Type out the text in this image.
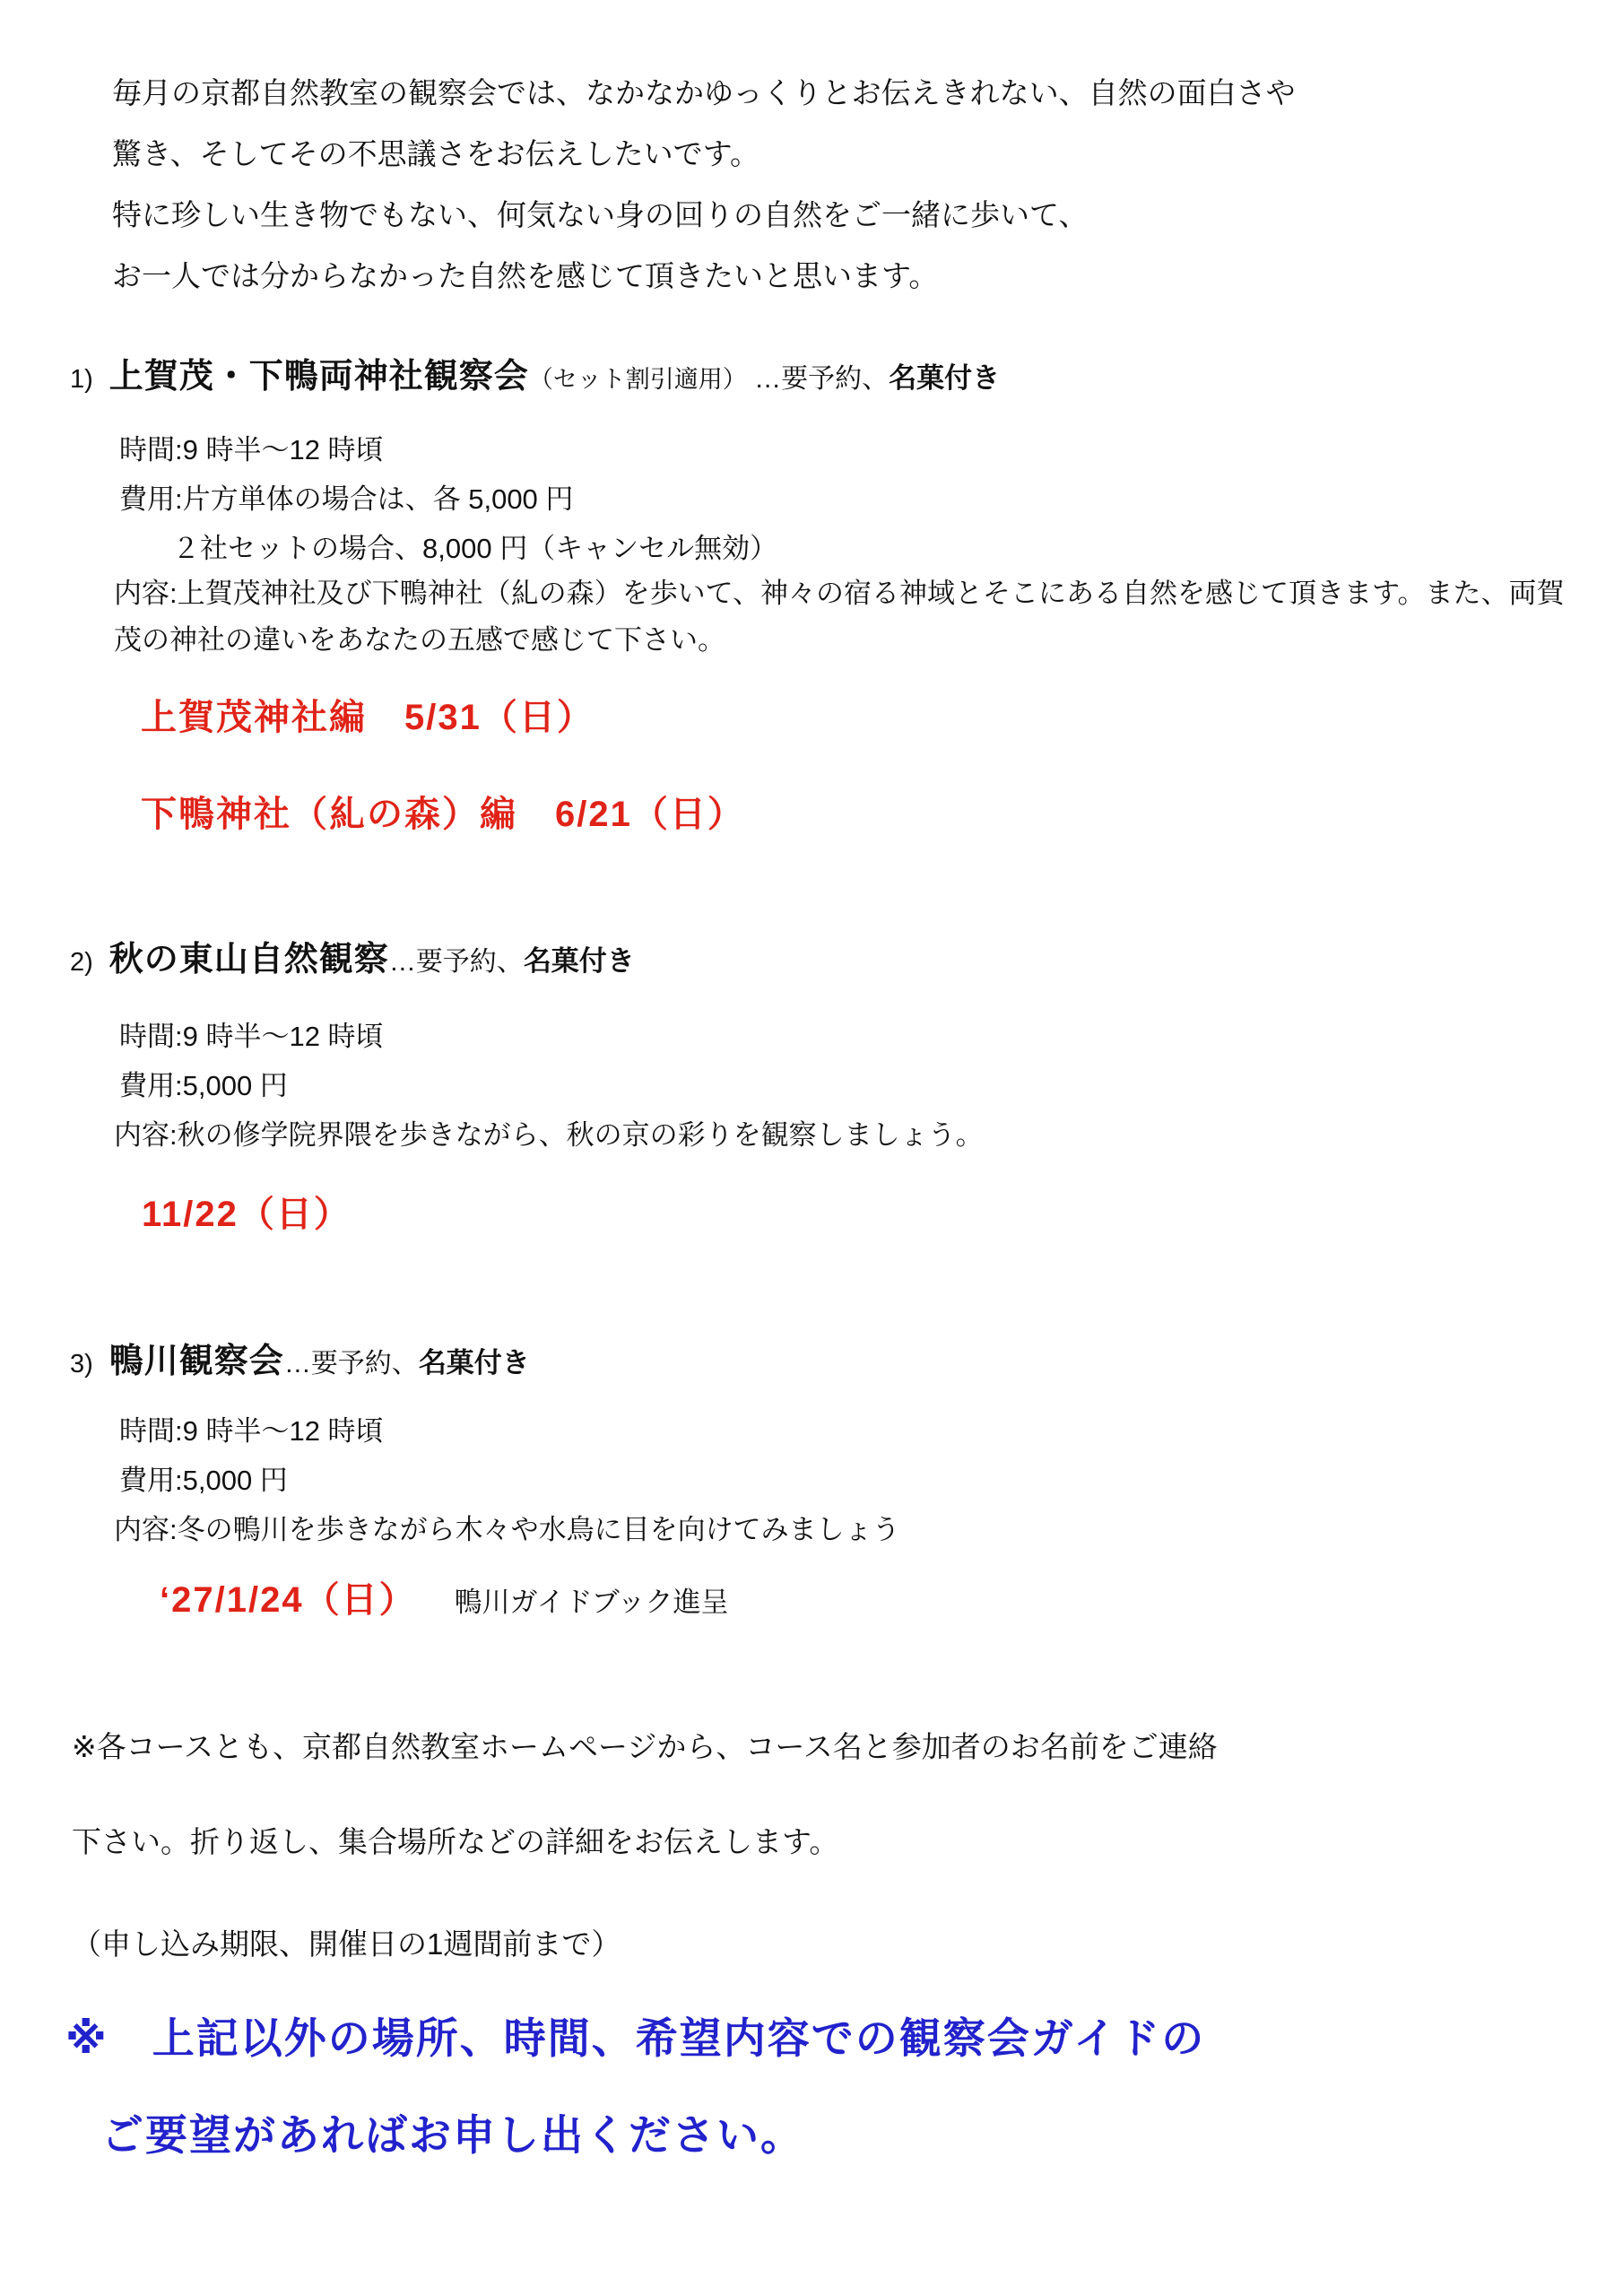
毎月の京都自然教室の観察会では、なかなかゆっくりとお伝えきれない、自然の面白さや
驚き、そしてその不思議さをお伝えしたいです。
特に珍しい生き物でもない、何気ない身の回りの自然をご一緒に歩いて、
お一人では分からなかった自然を感じて頂きたいと思います。
1) 上賀茂・下鴨両神社観察会（セット割引適用） …要予約、名菓付き
時間:9 時半～12 時頃
費用:片方単体の場合は、各 5,000 円
２社セットの場合、8,000 円（キャンセル無効）
内容:上賀茂神社及び下鴨神社（糺の森）を歩いて、神々の宿る神域とそこにある自然を感じて頂きます。また、両賀茂の神社の違いをあなたの五感で感じて下さい。
上賀茂神社編　5/31（日）
下鴨神社（糺の森）編　6/21（日）
2) 秋の東山自然観察…要予約、名菓付き
時間:9 時半～12 時頃
費用:5,000 円
内容:秋の修学院界隈を歩きながら、秋の京の彩りを観察しましょう。
11/22（日）
3) 鴨川観察会…要予約、名菓付き
時間:9 時半～12 時頃
費用:5,000 円
内容:冬の鴨川を歩きながら木々や水鳥に目を向けてみましょう
‘27/1/24（日） 鴨川ガイドブック進呈
※各コースとも、京都自然教室ホームページから、コース名と参加者のお名前をご連絡
下さい。折り返し、集合場所などの詳細をお伝えします。
（申し込み期限、開催日の1週間前まで）
※　上記以外の場所、時間、希望内容での観察会ガイドの
ご要望があればお申し出ください。
